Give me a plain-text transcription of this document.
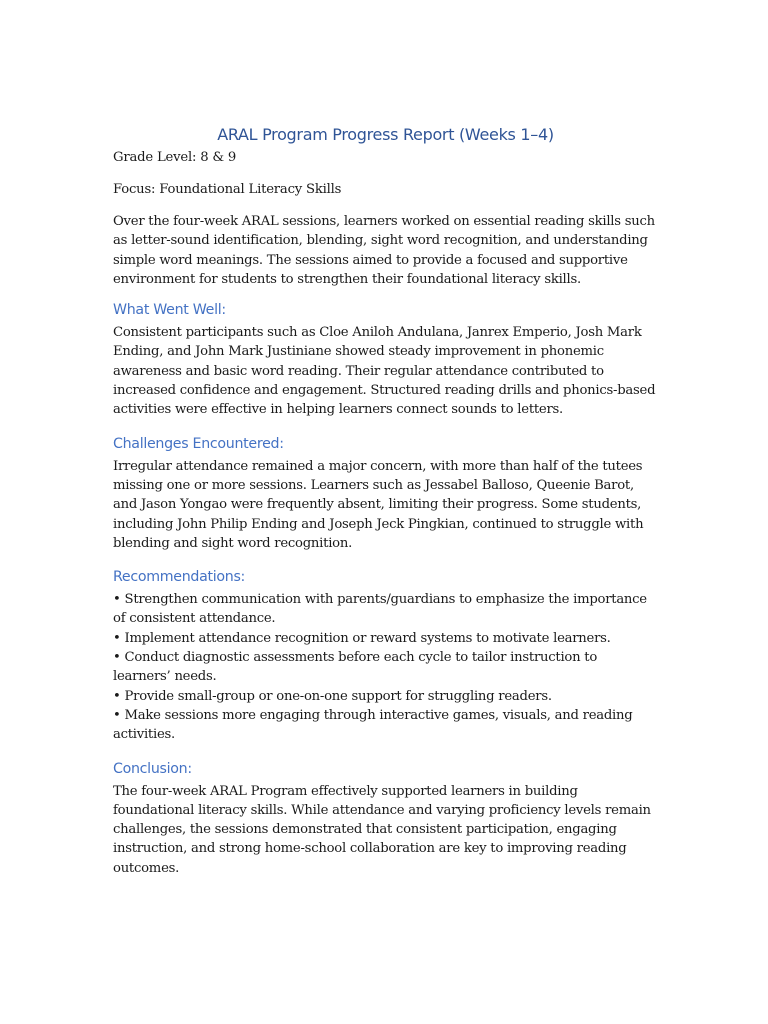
ARAL Program Progress Report (Weeks 1–4)

Grade Level: 8 & 9

Focus: Foundational Literacy Skills

Over the four-week ARAL sessions, learners worked on essential reading skills such as letter-sound identification, blending, sight word recognition, and understanding simple word meanings. The sessions aimed to provide a focused and supportive environment for students to strengthen their foundational literacy skills.

What Went Well:

Consistent participants such as Cloe Aniloh Andulana, Janrex Emperio, Josh Mark Ending, and John Mark Justiniane showed steady improvement in phonemic awareness and basic word reading. Their regular attendance contributed to increased confidence and engagement. Structured reading drills and phonics-based activities were effective in helping learners connect sounds to letters.

Challenges Encountered:

Irregular attendance remained a major concern, with more than half of the tutees missing one or more sessions. Learners such as Jessabel Balloso, Queenie Barot, and Jason Yongao were frequently absent, limiting their progress. Some students, including John Philip Ending and Joseph Jeck Pingkian, continued to struggle with blending and sight word recognition.

Recommendations:
• Strengthen communication with parents/guardians to emphasize the importance of consistent attendance.
• Implement attendance recognition or reward systems to motivate learners.
• Conduct diagnostic assessments before each cycle to tailor instruction to learners’ needs.
• Provide small-group or one-on-one support for struggling readers.
• Make sessions more engaging through interactive games, visuals, and reading activities.
Conclusion:

The four-week ARAL Program effectively supported learners in building foundational literacy skills. While attendance and varying proficiency levels remain challenges, the sessions demonstrated that consistent participation, engaging instruction, and strong home-school collaboration are key to improving reading outcomes.
